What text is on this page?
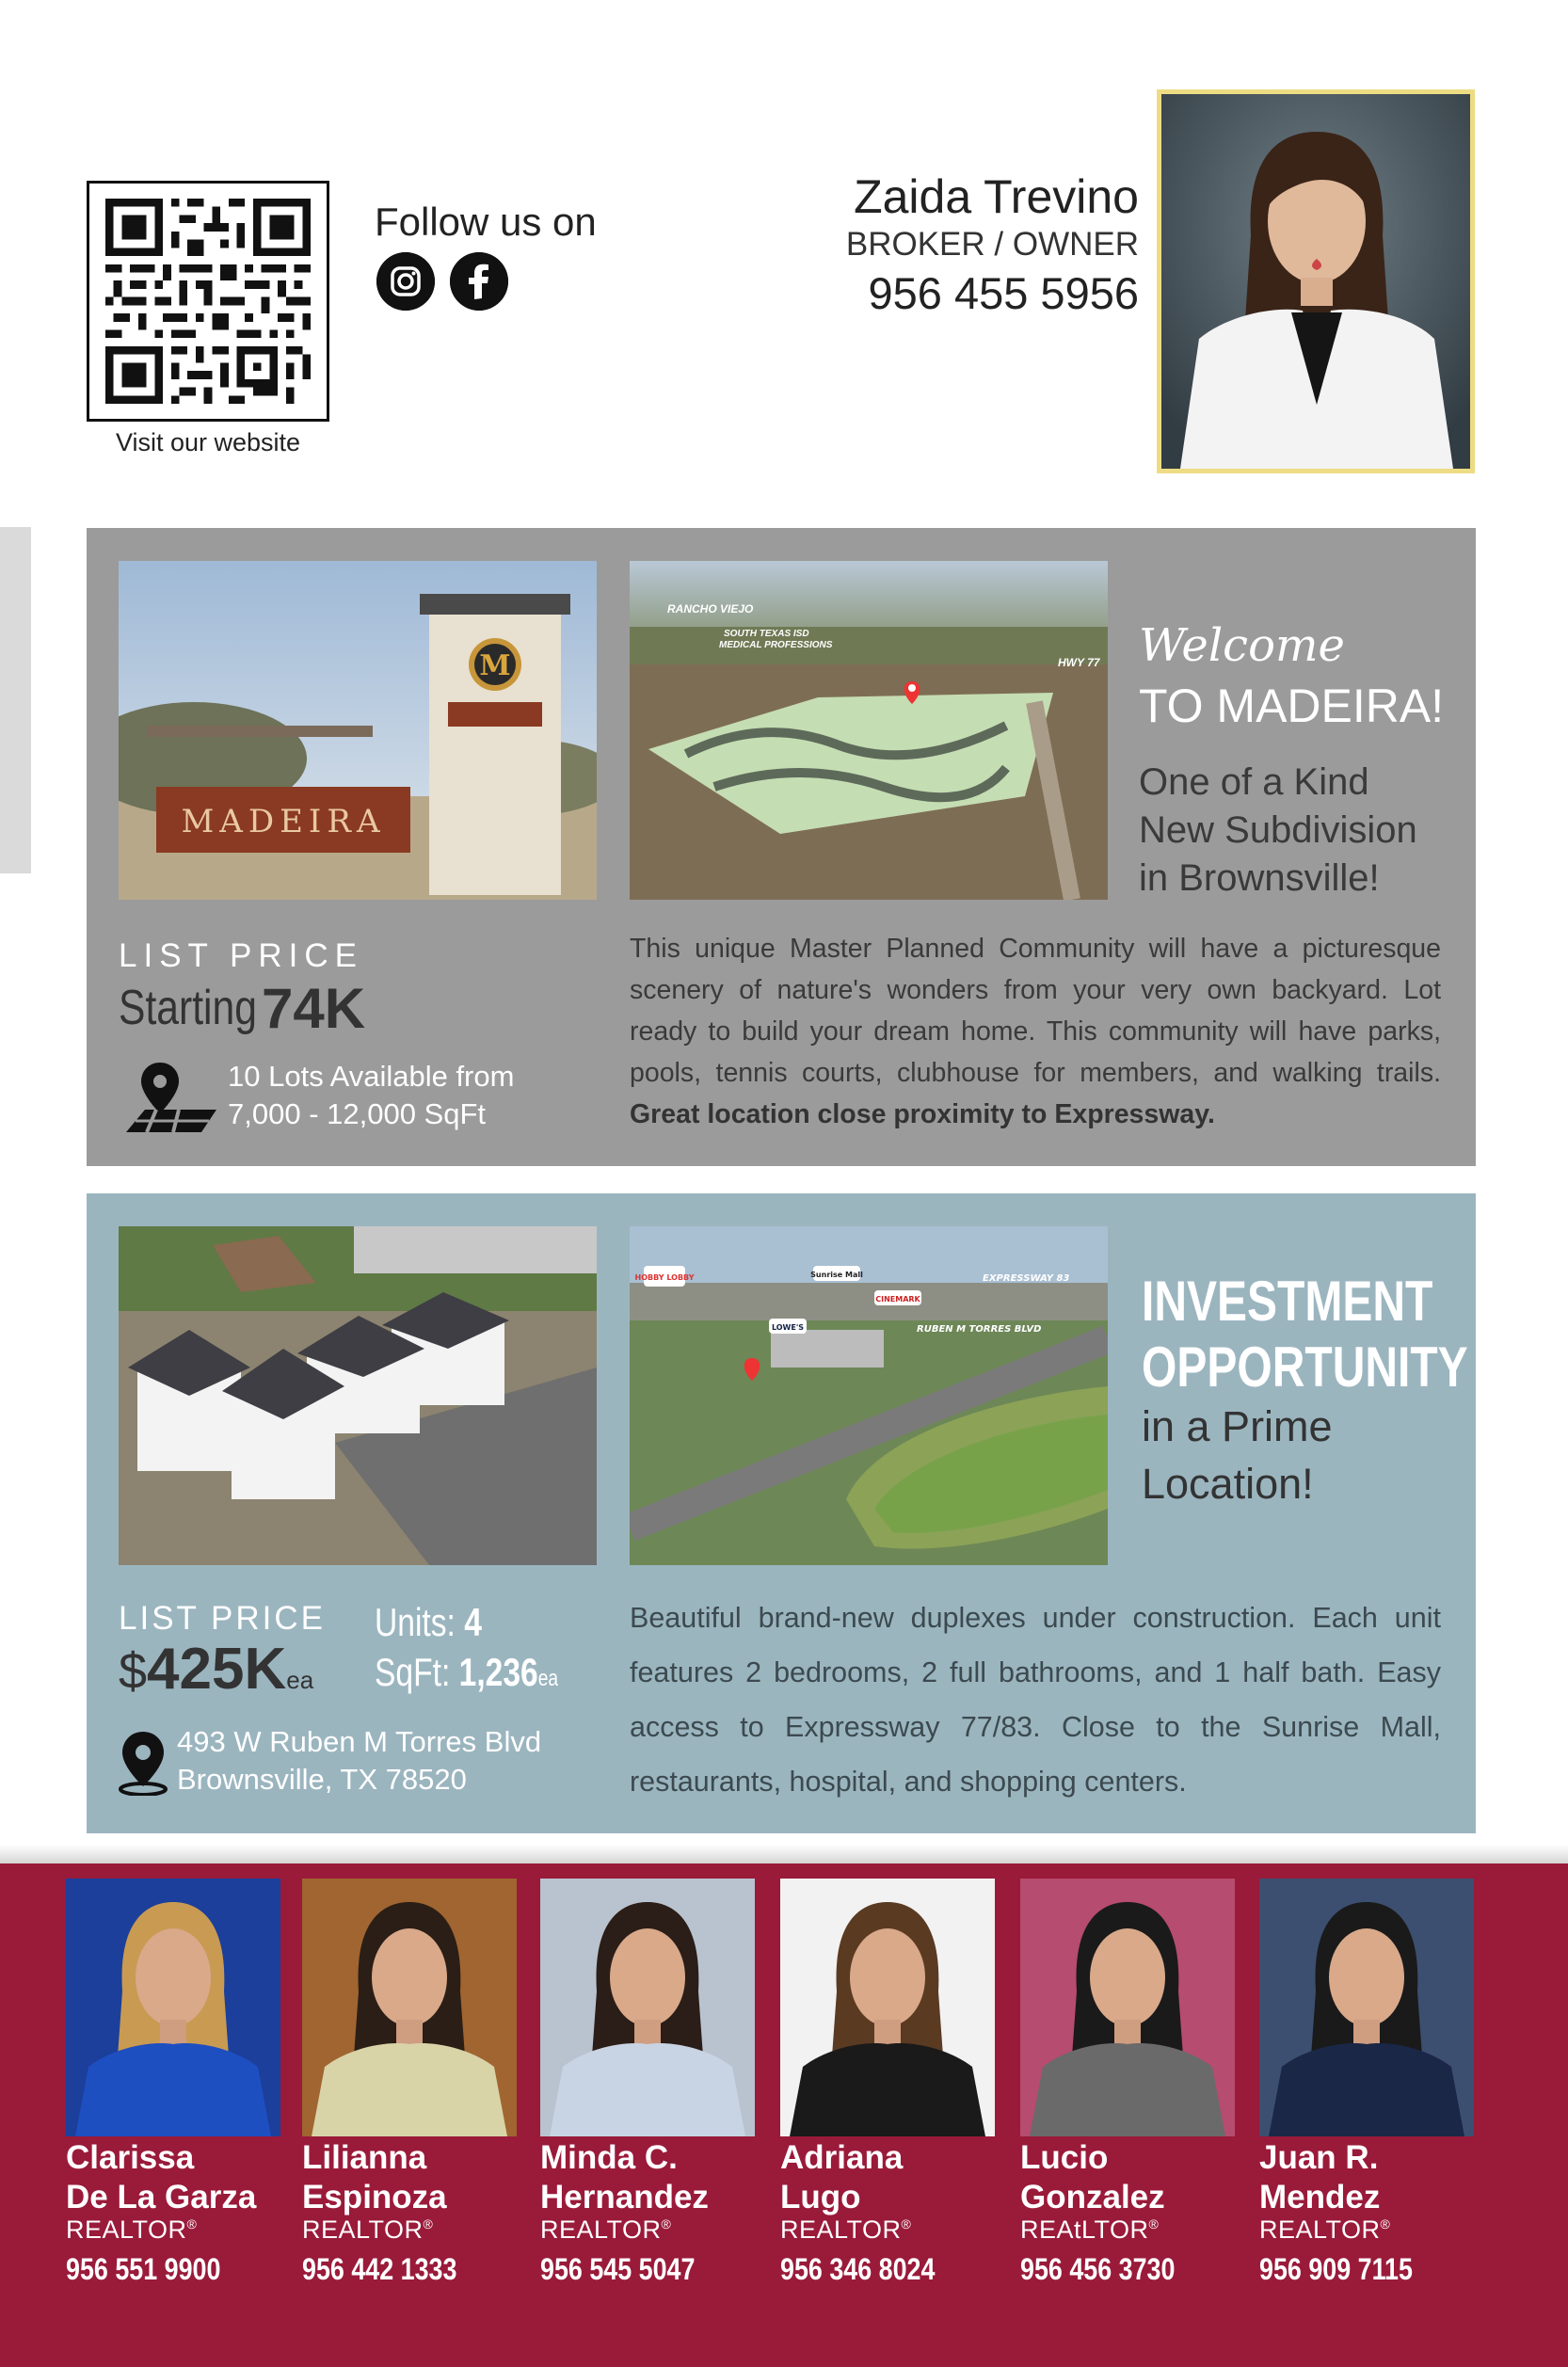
Visit our website
Follow us on	Zaida Trevino
BROKER / OWNER
956 455 5956
MADEIRA
M
RANCHO VIEJO
SOUTH TEXAS ISD
MEDICAL PROFESSIONS
HWY 77 Welcome
TO MADEIRA!
One of a Kind
New Subdivision
in Brownsville!
LIST PRICE
Starting 74K
10 Lots Available from
7,000 - 12,000 SqFt
This unique Master Planned Community will have a picturesque scenery of nature's wonders from your very own backyard. Lot ready to build your dream home. This community will have parks, pools, tennis courts, clubhouse for members, and walking trails. Great location close proximity to Expressway.
HOBBY LOBBY	Sunrise Mall
CINEMARK
LOWE'S
EXPRESSWAY 83
RUBEN M TORRES BLVD INVESTMENT
OPPORTUNITY
in a Prime
Location!
LIST PRICE
$425Kea
Units: 4
SqFt: 1,236ea
493 W Ruben M Torres Blvd
Brownsville, TX 78520
Beautiful brand-new duplexes under construction. Each unit features 2 bedrooms, 2 full bathrooms, and 1 half bath. Easy access to Expressway 77/83. Close to the Sunrise Mall, restaurants, hospital, and shopping centers.
Clarissa
De La Garza
REALTOR®
956 551 9900
Lilianna
Espinoza
REALTOR®
956 442 1333
Minda C.
Hernandez
REALTOR®
956 545 5047
Adriana
Lugo
REALTOR®
956 346 8024
Lucio
Gonzalez
REAtLTOR®
956 456 3730
Juan R.
Mendez
REALTOR®
956 909 7115
